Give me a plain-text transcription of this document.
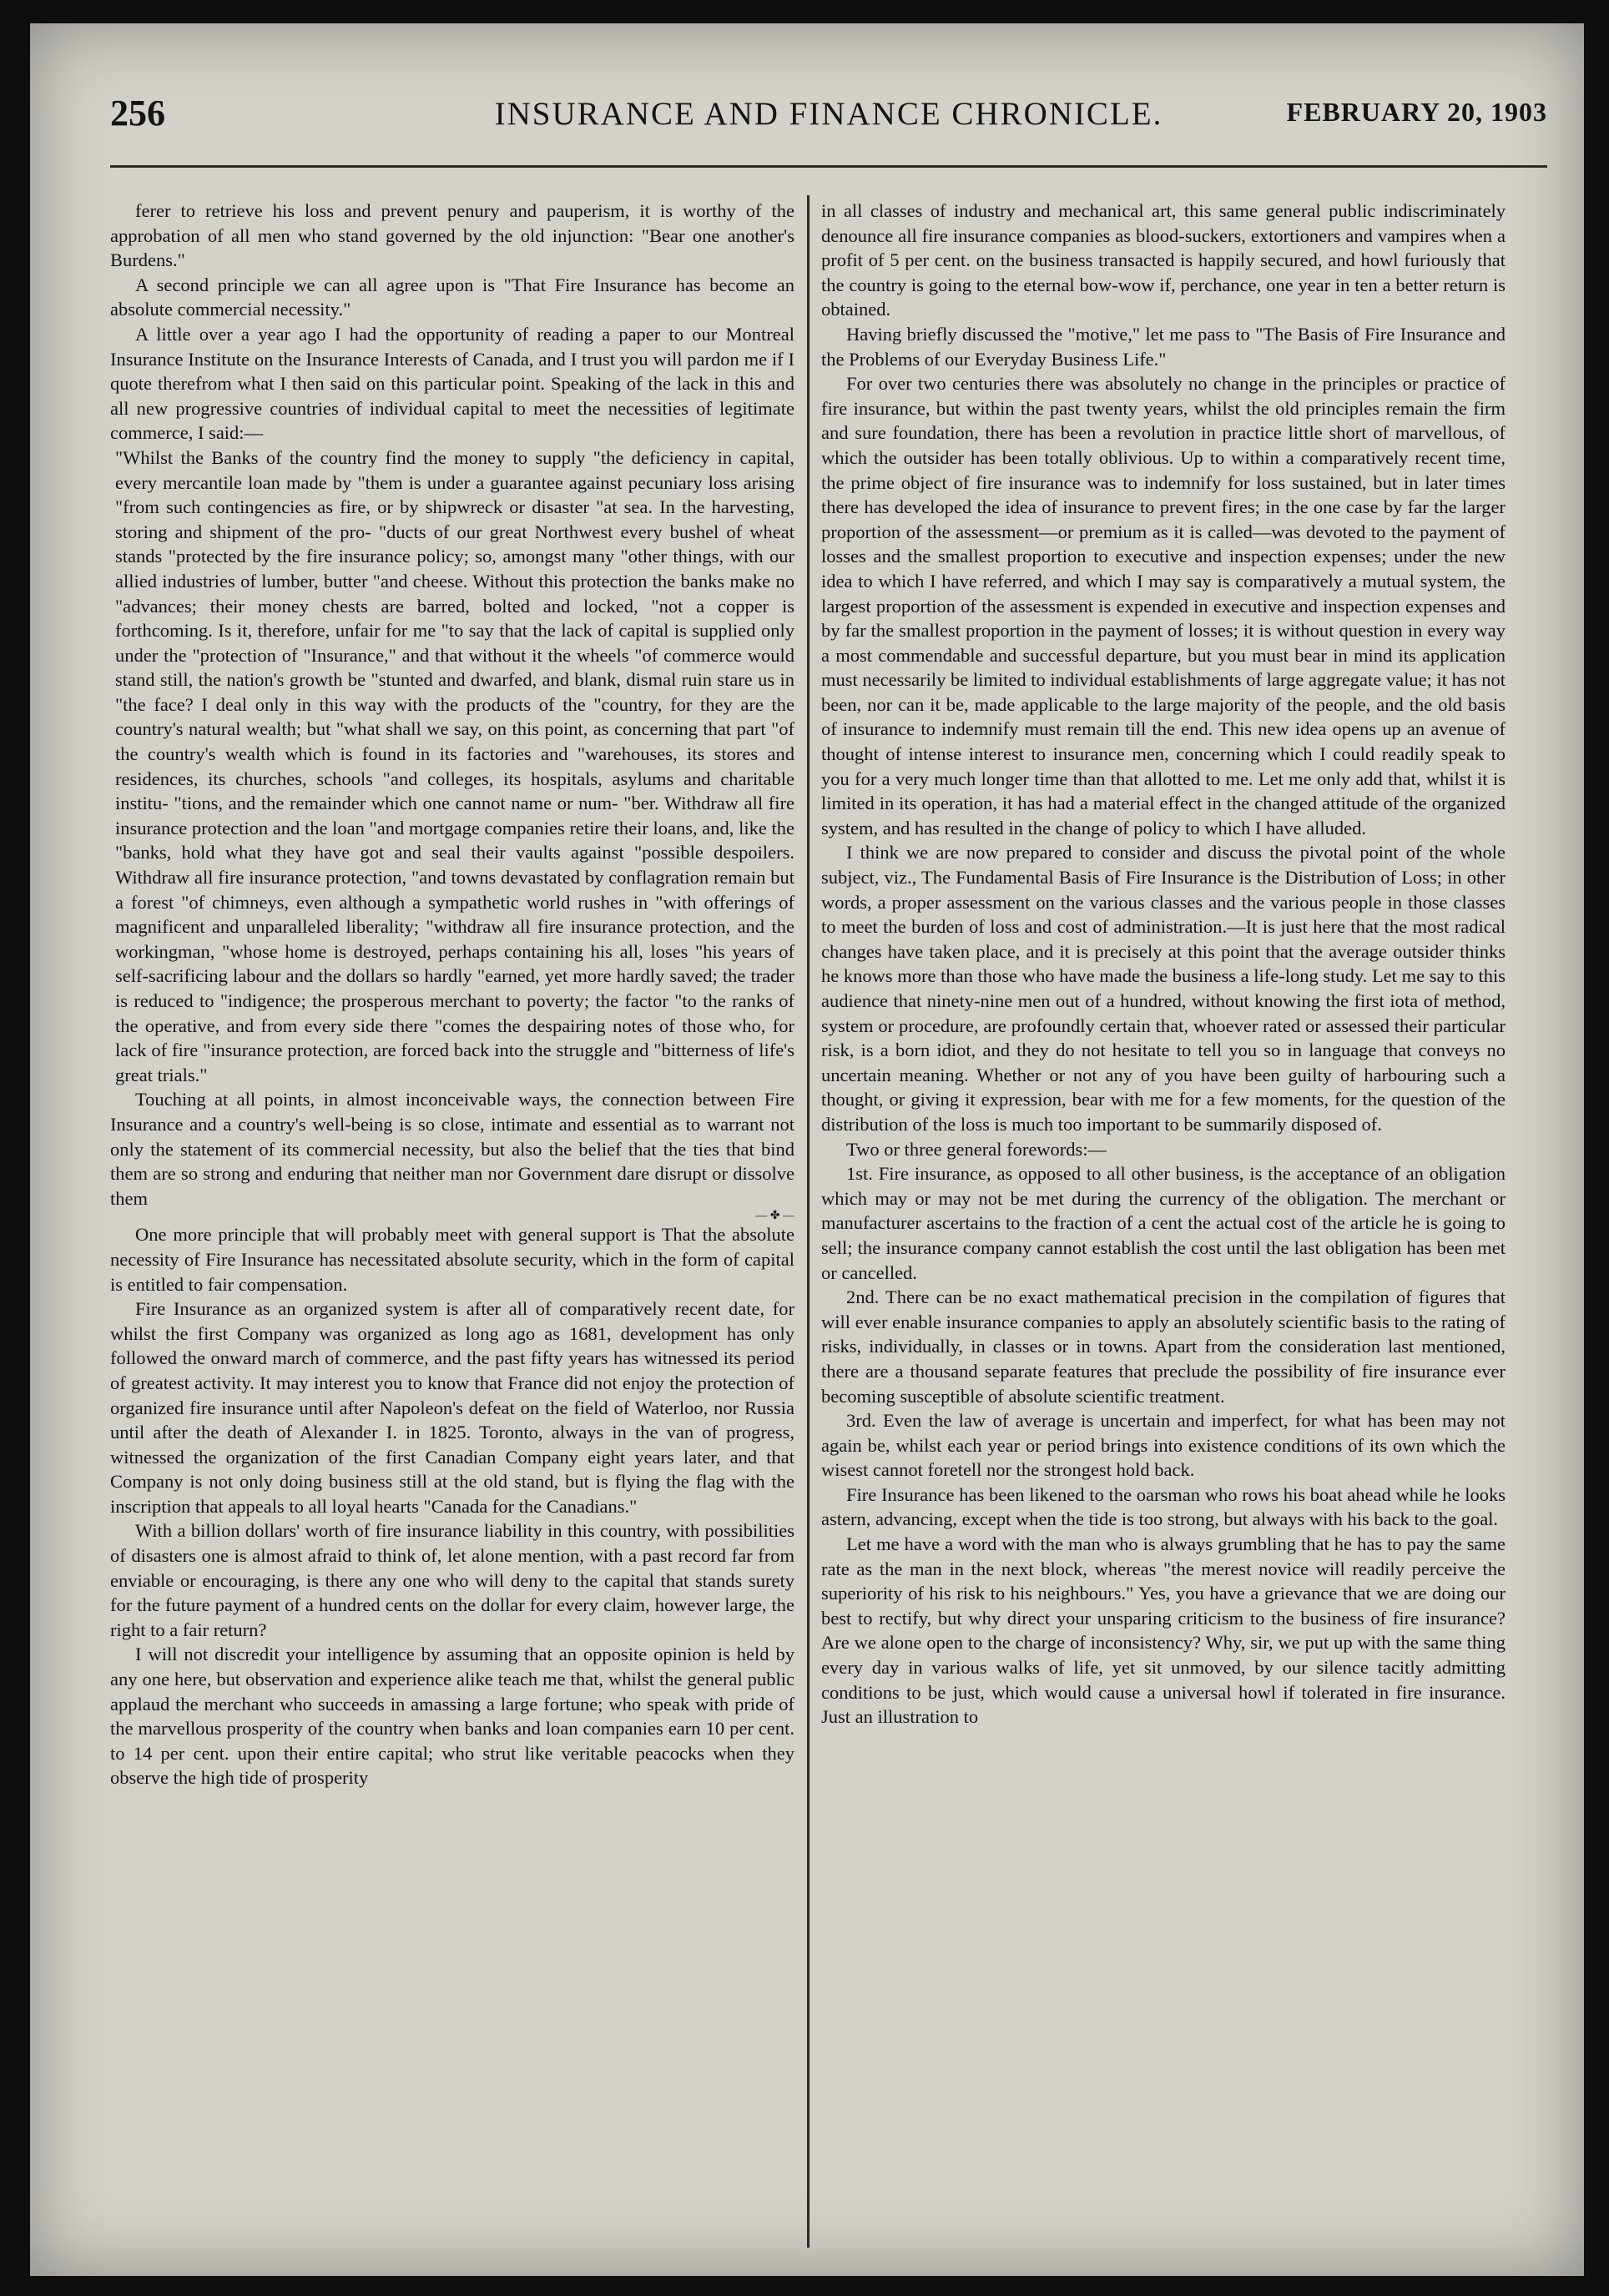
256	INSURANCE AND FINANCE CHRONICLE.	FEBRUARY 20, 1903

ferer to retrieve his loss and prevent penury and pauperism, it is worthy of the approbation of all men who stand governed by the old injunction: "Bear one another's Burdens."

A second principle we can all agree upon is "That Fire Insurance has become an absolute commercial necessity."

A little over a year ago I had the opportunity of reading a paper to our Montreal Insurance Institute on the Insurance Interests of Canada, and I trust you will pardon me if I quote therefrom what I then said on this particular point. Speaking of the lack in this and all new progressive countries of individual capital to meet the necessities of legitimate commerce, I said:—

"Whilst the Banks of the country find the money to supply "the deficiency in capital, every mercantile loan made by "them is under a guarantee against pecuniary loss arising "from such contingencies as fire, or by shipwreck or disaster "at sea. In the harvesting, storing and shipment of the pro- "ducts of our great Northwest every bushel of wheat stands "protected by the fire insurance policy; so, amongst many "other things, with our allied industries of lumber, butter "and cheese. Without this protection the banks make no "advances; their money chests are barred, bolted and locked, "not a copper is forthcoming. Is it, therefore, unfair for me "to say that the lack of capital is supplied only under the "protection of "Insurance," and that without it the wheels "of commerce would stand still, the nation's growth be "stunted and dwarfed, and blank, dismal ruin stare us in "the face? I deal only in this way with the products of the "country, for they are the country's natural wealth; but "what shall we say, on this point, as concerning that part "of the country's wealth which is found in its factories and "warehouses, its stores and residences, its churches, schools "and colleges, its hospitals, asylums and charitable institu- "tions, and the remainder which one cannot name or num- "ber. Withdraw all fire insurance protection and the loan "and mortgage companies retire their loans, and, like the "banks, hold what they have got and seal their vaults against "possible despoilers. Withdraw all fire insurance protection, "and towns devastated by conflagration remain but a forest "of chimneys, even although a sympathetic world rushes in "with offerings of magnificent and unparalleled liberality; "withdraw all fire insurance protection, and the workingman, "whose home is destroyed, perhaps containing his all, loses "his years of self-sacrificing labour and the dollars so hardly "earned, yet more hardly saved; the trader is reduced to "indigence; the prosperous merchant to poverty; the factor "to the ranks of the operative, and from every side there "comes the despairing notes of those who, for lack of fire "insurance protection, are forced back into the struggle and "bitterness of life's great trials."

Touching at all points, in almost inconceivable ways, the connection between Fire Insurance and a country's well-being is so close, intimate and essential as to warrant not only the statement of its commercial necessity, but also the belief that the ties that bind them are so strong and enduring that neither man nor Government dare disrupt or dissolve them

— ✤ —

One more principle that will probably meet with general support is That the absolute necessity of Fire Insurance has necessitated absolute security, which in the form of capital is entitled to fair compensation.

Fire Insurance as an organized system is after all of comparatively recent date, for whilst the first Company was organized as long ago as 1681, development has only followed the onward march of commerce, and the past fifty years has witnessed its period of greatest activity. It may interest you to know that France did not enjoy the protection of organized fire insurance until after Napoleon's defeat on the field of Waterloo, nor Russia until after the death of Alexander I. in 1825. Toronto, always in the van of progress, witnessed the organization of the first Canadian Company eight years later, and that Company is not only doing business still at the old stand, but is flying the flag with the inscription that appeals to all loyal hearts "Canada for the Canadians."

With a billion dollars' worth of fire insurance liability in this country, with possibilities of disasters one is almost afraid to think of, let alone mention, with a past record far from enviable or encouraging, is there any one who will deny to the capital that stands surety for the future payment of a hundred cents on the dollar for every claim, however large, the right to a fair return?

I will not discredit your intelligence by assuming that an opposite opinion is held by any one here, but observation and experience alike teach me that, whilst the general public applaud the merchant who succeeds in amassing a large fortune; who speak with pride of the marvellous prosperity of the country when banks and loan companies earn 10 per cent. to 14 per cent. upon their entire capital; who strut like veritable peacocks when they observe the high tide of prosperity

in all classes of industry and mechanical art, this same general public indiscriminately denounce all fire insurance companies as blood-suckers, extortioners and vampires when a profit of 5 per cent. on the business transacted is happily secured, and howl furiously that the country is going to the eternal bow-wow if, perchance, one year in ten a better return is obtained.

Having briefly discussed the "motive," let me pass to "The Basis of Fire Insurance and the Problems of our Everyday Business Life."

For over two centuries there was absolutely no change in the principles or practice of fire insurance, but within the past twenty years, whilst the old principles remain the firm and sure foundation, there has been a revolution in practice little short of marvellous, of which the outsider has been totally oblivious. Up to within a comparatively recent time, the prime object of fire insurance was to indemnify for loss sustained, but in later times there has developed the idea of insurance to prevent fires; in the one case by far the larger proportion of the assessment—or premium as it is called—was devoted to the payment of losses and the smallest proportion to executive and inspection expenses; under the new idea to which I have referred, and which I may say is comparatively a mutual system, the largest proportion of the assessment is expended in executive and inspection expenses and by far the smallest proportion in the payment of losses; it is without question in every way a most commendable and successful departure, but you must bear in mind its application must necessarily be limited to individual establishments of large aggregate value; it has not been, nor can it be, made applicable to the large majority of the people, and the old basis of insurance to indemnify must remain till the end. This new idea opens up an avenue of thought of intense interest to insurance men, concerning which I could readily speak to you for a very much longer time than that allotted to me. Let me only add that, whilst it is limited in its operation, it has had a material effect in the changed attitude of the organized system, and has resulted in the change of policy to which I have alluded.

I think we are now prepared to consider and discuss the pivotal point of the whole subject, viz., The Fundamental Basis of Fire Insurance is the Distribution of Loss; in other words, a proper assessment on the various classes and the various people in those classes to meet the burden of loss and cost of administration.—It is just here that the most radical changes have taken place, and it is precisely at this point that the average outsider thinks he knows more than those who have made the business a life-long study. Let me say to this audience that ninety-nine men out of a hundred, without knowing the first iota of method, system or procedure, are profoundly certain that, whoever rated or assessed their particular risk, is a born idiot, and they do not hesitate to tell you so in language that conveys no uncertain meaning. Whether or not any of you have been guilty of harbouring such a thought, or giving it expression, bear with me for a few moments, for the question of the distribution of the loss is much too important to be summarily disposed of.

Two or three general forewords:—

1st. Fire insurance, as opposed to all other business, is the acceptance of an obligation which may or may not be met during the currency of the obligation. The merchant or manufacturer ascertains to the fraction of a cent the actual cost of the article he is going to sell; the insurance company cannot establish the cost until the last obligation has been met or cancelled.

2nd. There can be no exact mathematical precision in the compilation of figures that will ever enable insurance companies to apply an absolutely scientific basis to the rating of risks, individually, in classes or in towns. Apart from the consideration last mentioned, there are a thousand separate features that preclude the possibility of fire insurance ever becoming susceptible of absolute scientific treatment.

3rd. Even the law of average is uncertain and imperfect, for what has been may not again be, whilst each year or period brings into existence conditions of its own which the wisest cannot foretell nor the strongest hold back.

Fire Insurance has been likened to the oarsman who rows his boat ahead while he looks astern, advancing, except when the tide is too strong, but always with his back to the goal.

Let me have a word with the man who is always grumbling that he has to pay the same rate as the man in the next block, whereas "the merest novice will readily perceive the superiority of his risk to his neighbours." Yes, you have a grievance that we are doing our best to rectify, but why direct your unsparing criticism to the business of fire insurance? Are we alone open to the charge of inconsistency? Why, sir, we put up with the same thing every day in various walks of life, yet sit unmoved, by our silence tacitly admitting conditions to be just, which would cause a universal howl if tolerated in fire insurance. Just an illustration to
